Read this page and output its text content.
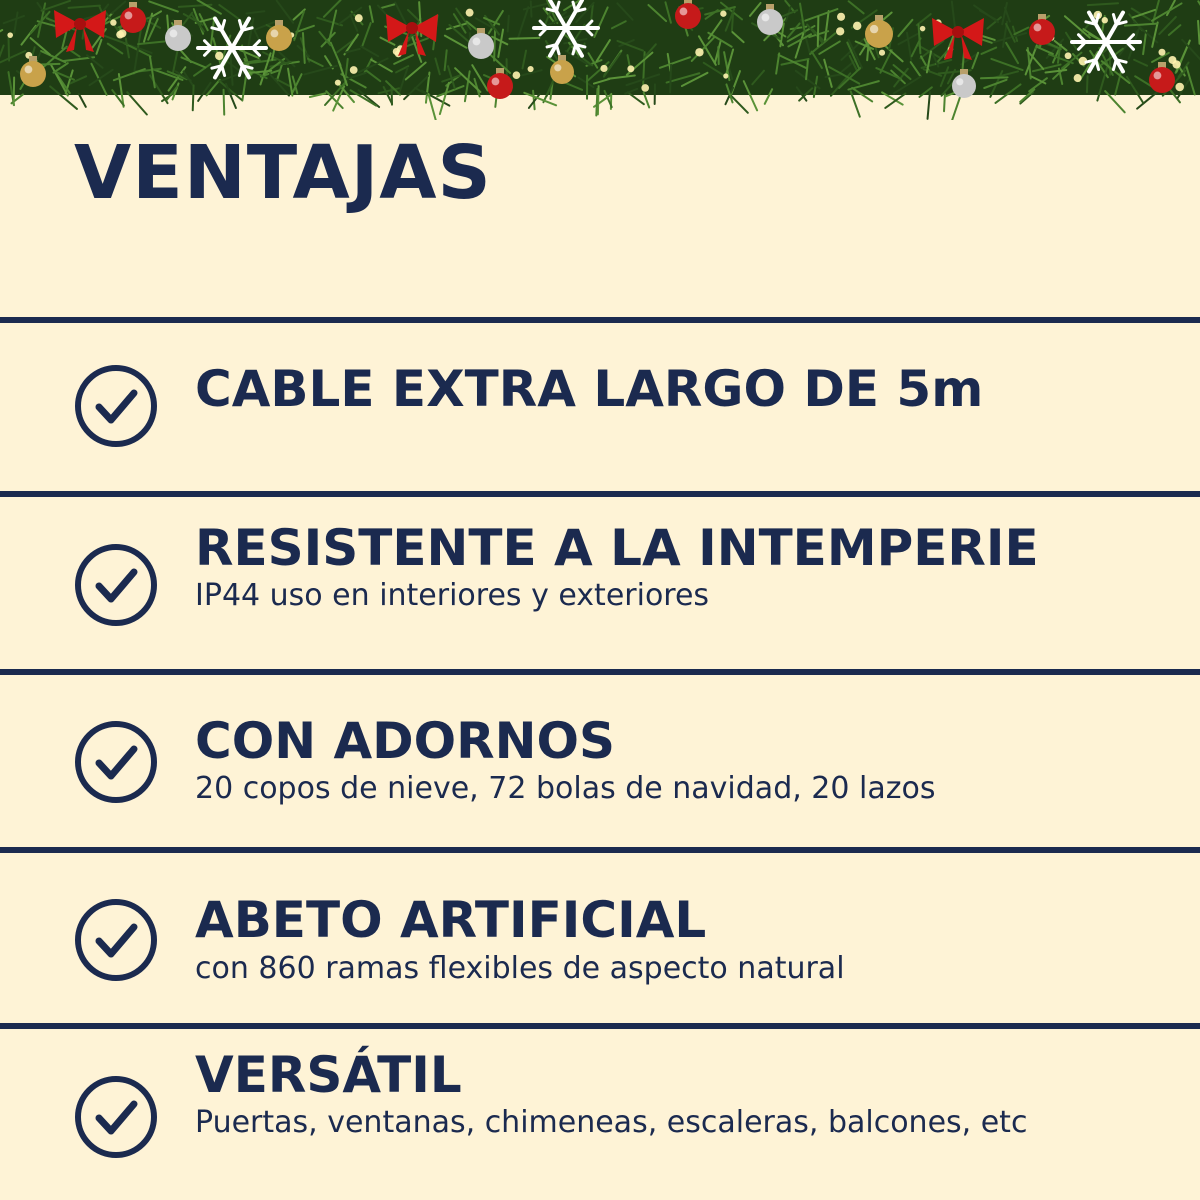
VENTAJAS
CABLE EXTRA LARGO DE 5m
RESISTENTE A LA INTEMPERIE
IP44 uso en interiores y exteriores
CON ADORNOS
20 copos de nieve, 72 bolas de navidad, 20 lazos
ABETO ARTIFICIAL
con 860 ramas flexibles de aspecto natural
VERSÁTIL
Puertas, ventanas, chimeneas, escaleras, balcones, etc
